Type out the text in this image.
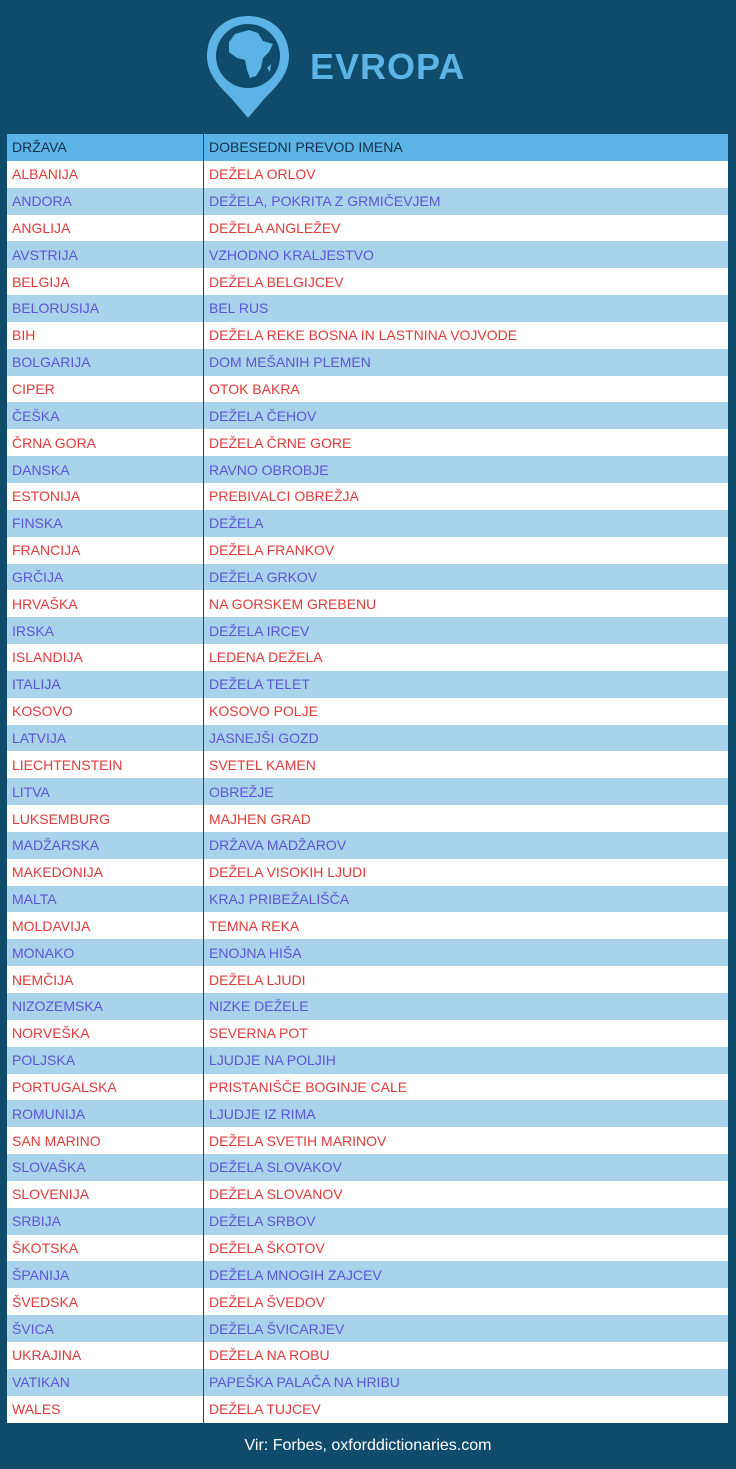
EVROPA
DRŽAVA	DOBESEDNI PREVOD IMENA
ALBANIJA	DEŽELA ORLOV
ANDORA	DEŽELA, POKRITA Z GRMIČEVJEM
ANGLIJA	DEŽELA ANGLEŽEV
AVSTRIJA	VZHODNO KRALJESTVO
BELGIJA	DEŽELA BELGIJCEV
BELORUSIJA	BEL RUS
BIH	DEŽELA REKE BOSNA IN LASTNINA VOJVODE
BOLGARIJA	DOM MEŠANIH PLEMEN
CIPER	OTOK BAKRA
ČEŠKA	DEŽELA ČEHOV
ČRNA GORA	DEŽELA ČRNE GORE
DANSKA	RAVNO OBROBJE
ESTONIJA	PREBIVALCI OBREŽJA
FINSKA	DEŽELA
FRANCIJA	DEŽELA FRANKOV
GRČIJA	DEŽELA GRKOV
HRVAŠKA	NA GORSKEM GREBENU
IRSKA	DEŽELA IRCEV
ISLANDIJA	LEDENA DEŽELA
ITALIJA	DEŽELA TELET
KOSOVO	KOSOVO POLJE
LATVIJA	JASNEJŠI GOZD
LIECHTENSTEIN	SVETEL KAMEN
LITVA	OBREŽJE
LUKSEMBURG	MAJHEN GRAD
MADŽARSKA	DRŽAVA MADŽAROV
MAKEDONIJA	DEŽELA VISOKIH LJUDI
MALTA	KRAJ PRIBEŽALIŠČA
MOLDAVIJA	TEMNA REKA
MONAKO	ENOJNA HIŠA
NEMČIJA	DEŽELA LJUDI
NIZOZEMSKA	NIZKE DEŽELE
NORVEŠKA	SEVERNA POT
POLJSKA	LJUDJE NA POLJIH
PORTUGALSKA	PRISTANIŠČE BOGINJE CALE
ROMUNIJA	LJUDJE IZ RIMA
SAN MARINO	DEŽELA SVETIH MARINOV
SLOVAŠKA	DEŽELA SLOVAKOV
SLOVENIJA	DEŽELA SLOVANOV
SRBIJA	DEŽELA SRBOV
ŠKOTSKA	DEŽELA ŠKOTOV
ŠPANIJA	DEŽELA MNOGIH ZAJCEV
ŠVEDSKA	DEŽELA ŠVEDOV
ŠVICA	DEŽELA ŠVICARJEV
UKRAJINA	DEŽELA NA ROBU
VATIKAN	PAPEŠKA PALAČA NA HRIBU
WALES	DEŽELA TUJCEV
Vir: Forbes, oxforddictionaries.com
